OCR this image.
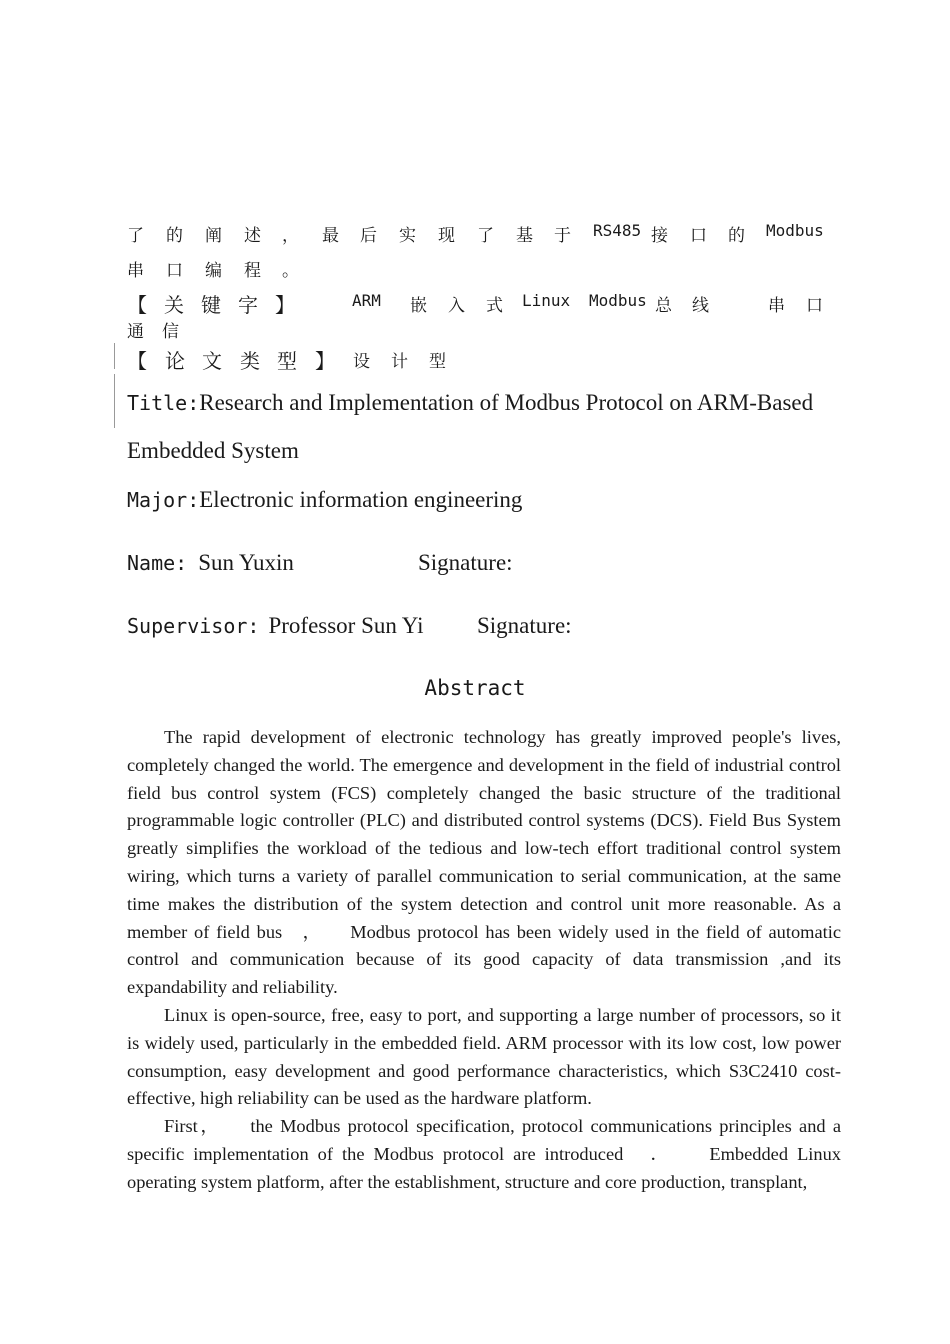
了 的 阐 述 ， 最 后 实 现 了 基 于 RS485 接 口 的 Modbus
串 口 编 程 。
【 关 键 字 】	ARM 嵌 入 式 Linux Modbus 总 线	串 口
通 信
【 论 文 类 型 】 设 计 型
Title:Research and Implementation of Modbus Protocol on ARM-Based
Embedded System
Major:Electronic information engineering
Name: Sun Yuxin	Signature:
Supervisor: Professor Sun Yi Signature:
Abstract

The rapid development of electronic technology has greatly improved people's lives, completely changed the world. The emergence and development in the field of industrial control field bus control system (FCS) completely changed the basic structure of the traditional programmable logic controller (PLC) and distributed control systems (DCS). Field Bus System greatly simplifies the workload of the tedious and low-tech effort traditional control system wiring, which turns a variety of parallel communication to serial communication, at the same time makes the distribution of the system detection and control unit more reasonable. As a member of field bus   ，    Modbus protocol has been widely used in the field of automatic control and communication because of its good capacity of data transmission ,and its expandability and reliability.

Linux is open-source, free, easy to port, and supporting a large number of processors, so it is widely used, particularly in the embedded field. ARM processor with its low cost, low power consumption, easy development and good performance characteristics, which S3C2410 cost-effective, high reliability can be used as the hardware platform.

First，    the Modbus protocol specification, protocol communications principles and a specific implementation of the Modbus protocol are introduced   ．    Embedded Linux operating system platform, after the establishment, structure and core production, transplant,
